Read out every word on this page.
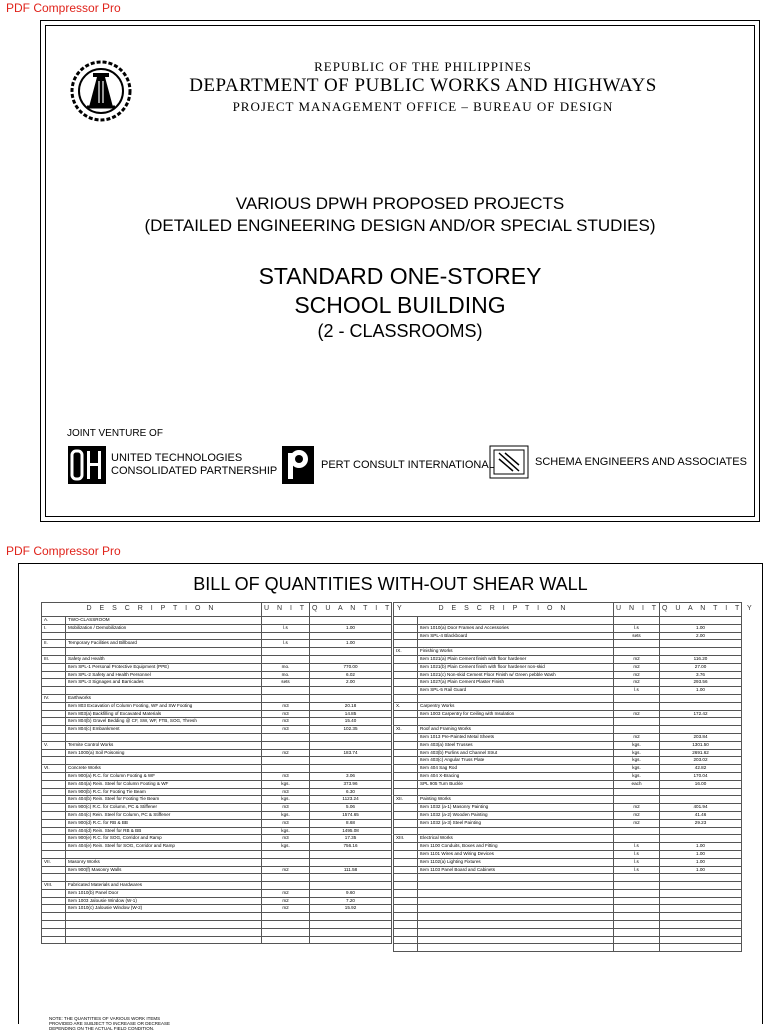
PDF Compressor Pro
REPUBLIC OF THE PHILIPPINES
DEPARTMENT OF PUBLIC WORKS AND HIGHWAYS
PROJECT MANAGEMENT OFFICE – BUREAU OF DESIGN
VARIOUS DPWH PROPOSED PROJECTS
(DETAILED ENGINEERING DESIGN AND/OR SPECIAL STUDIES)
STANDARD ONE-STOREY
SCHOOL BUILDING
(2 - CLASSROOMS)
JOINT VENTURE OF
UNITED TECHNOLOGIES
CONSOLIDATED PARTNERSHIP	PERT CONSULT INTERNATIONAL	SCHEMA ENGINEERS AND ASSOCIATES
PDF Compressor Pro
BILL OF QUANTITIES WITH-OUT SHEAR WALL
D E S C R I P T I O N		U N I T	Q U A N T I T Y
A.	TWO-CLASSROOM		
I.	Mobilization / Demobilization	l.s	1.00

II.	Temporary Facilities and Billboard	l.s	1.00

III.	Safety and Health		
	Item SPL-1 Personal Protective Equipment (PPE)	mo.	770.00
	Item SPL-2 Safety and Health Personnel	mo.	6.02
	Item SPL-3 Signages and Barricades	sets	2.00

IV.	Earthworks		
	Item 803 Excavation of Column Footing, WF and SW Footing	m3	20.18
	Item 803(a) Backfilling of Excavated Materials	m3	14.85
	Item 804(b) Gravel Bedding @ CF, SW, WF, FTB, SOG, Thresh	m3	15.40
	Item 804(c) Embankment	m3	102.35

V.	Termite Control Works		
	Item 1000(a) Soil Poisoning	m2	183.74

VI.	Concrete Works		
	Item 900(a) R.C. for Column Footing & WF	m3	3.06
	Item 404(a) Rein. Steel for Column Footing & WF	kgs.	373.96
	Item 900(b) R.C. for Footing Tie Beam	m3	6.30
	Item 404(b) Rein. Steel for Footing Tie Beam	kgs.	1123.24
	Item 900(c) R.C. for Column, PC & Stiffener	m3	5.06
	Item 404(c) Rein. Steel for Column, PC & Stiffener	kgs.	1574.65
	Item 900(d) R.C. for RB & BB	m3	8.68
	Item 404(d) Rein. Steel for RB & BB	kgs.	1495.08
	Item 900(e) R.C. for SOG, Corridor and Ramp	m3	17.35
	Item 404(e) Rein. Steel for SOG, Corridor and Ramp	kgs.	756.16

VII.	Masonry Works		
	Item 900(f) Masonry Walls	m2	111.58

VIII.	Fabricated Materials and Hardwares		
	Item 1010(b) Panel Door	m2	9.60
	Item 1003 Jalousie Window (W-1)	m2	7.20
	Item 1010(c) Jalousie Window (W-2)	m2	15.92

D E S C R I P T I O N		U N I T	Q U A N T I T Y

	Item 1010(a) Door Frames and Accessories	l.s	1.00
	Item SPL-4 Blackboard	sets	2.00

IX.	Finishing Works		
	Item 1021(a) Plain Cement finish with floor hardener	m2	116.20
	Item 1021(b) Plain Cement finish with floor hardener non-skid	m2	27.00
	Item 1021(c) Non-skid Cement Floor Finish w/ Green pebble Wash	m2	3.76
	Item 1027(a) Plain Cement Plaster Finish	m2	293.56
	Item SPL-5 Rail Guard	l.s	1.00

X.	Carpentry Works		
	Item 1003 Carpentry for Ceiling with Insulation	m2	172.42

XI.	Roof and Framing Works		
	Item 1013 Pre-Painted Metal Sheets	m2	203.84
	Item 403(a) Steel Trusses	kgs.	1301.50
	Item 403(b) Purlins and Channel Strut	kgs.	2691.62
	Item 403(c) Angular Truss Plate	kgs.	203.02
	Item 404 Sag Rod	kgs.	42.82
	Item 404 X-Bracing	kgs.	170.04
	SPL 905 Turn Buckle	each	16.00

XII.	Painting Works		
	Item 1032 (a-1) Masonry Painting	m2	401.94
	Item 1032 (a-2) Wooden Painting	m2	41.46
	Item 1032 (a-3) Steel Painting	m2	29.23

XIII.	Electrical Works		
	Item 1100 Conduits, Boxes and Fitting	l.s	1.00
	Item 1101 Wires and Wiring Devices	l.s	1.00
	Item 1102(a) Lighting Fixtures	l.s	1.00
	Item 1103 Panel Board and Cabinets	l.s	1.00

NOTE: THE QUANTITIES OF VARIOUS WORK ITEMS
PROVIDED ARE SUBJECT TO INCREASE OR DECREASE
DEPENDING ON THE ACTUAL FIELD CONDITION.
